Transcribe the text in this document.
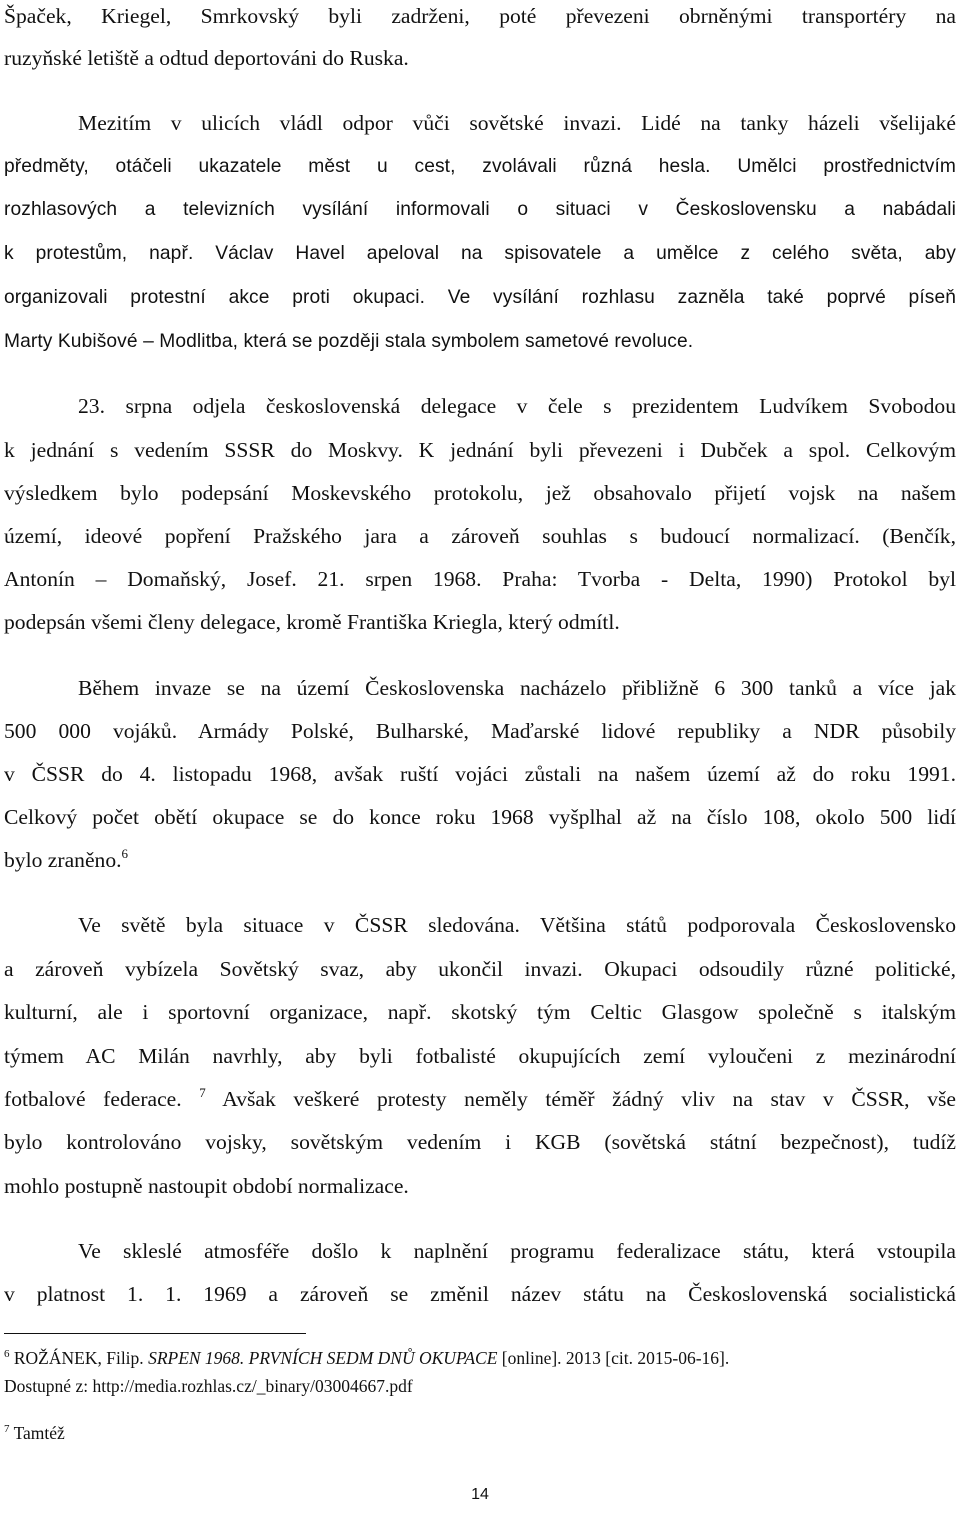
Špaček, Kriegel, Smrkovský byli zadrženi, poté převezeni obrněnými transportéry na
ruzyňské letiště a odtud deportováni do Ruska.
Mezitím v ulicích vládl odpor vůči sovětské invazi. Lidé na tanky házeli všelijaké
předměty, otáčeli ukazatele měst u cest, zvolávali různá hesla. Umělci prostřednictvím
rozhlasových a televizních vysílání informovali o situaci v Československu a nabádali
k protestům, např. Václav Havel apeloval na spisovatele a umělce z celého světa, aby
organizovali protestní akce proti okupaci. Ve vysílání rozhlasu zazněla také poprvé píseň
Marty Kubišové – Modlitba, která se později stala symbolem sametové revoluce.
23. srpna odjela československá delegace v čele s prezidentem Ludvíkem Svobodou
k jednání s vedením SSSR do Moskvy. K jednání byli převezeni i Dubček a spol. Celkovým
výsledkem bylo podepsání Moskevského protokolu, jež obsahovalo přijetí vojsk na našem
území, ideové popření Pražského jara a zároveň souhlas s budoucí normalizací. (Benčík,
Antonín – Domaňský, Josef. 21. srpen 1968. Praha: Tvorba - Delta, 1990) Protokol byl
podepsán všemi členy delegace, kromě Františka Kriegla, který odmítl.
Během invaze se na území Československa nacházelo přibližně 6 300 tanků a více jak
500 000 vojáků. Armády Polské, Bulharské, Maďarské lidové republiky a NDR působily
v ČSSR do 4. listopadu 1968, avšak ruští vojáci zůstali na našem území až do roku 1991.
Celkový počet obětí okupace se do konce roku 1968 vyšplhal až na číslo 108, okolo 500 lidí
bylo zraněno.$^6$
Ve světě byla situace v ČSSR sledována. Většina států podporovala Československo
a zároveň vybízela Sovětský svaz, aby ukončil invazi. Okupaci odsoudily různé politické,
kulturní, ale i sportovní organizace, např. skotský tým Celtic Glasgow společně s italským
týmem AC Milán navrhly, aby byli fotbalisté okupujících zemí vyloučeni z mezinárodní
fotbalové federace. $^7$ Avšak veškeré protesty neměly téměř žádný vliv na stav v ČSSR, vše
bylo kontrolováno vojsky, sovětským vedením i KGB (sovětská státní bezpečnost), tudíž
mohlo postupně nastoupit období normalizace.
Ve skleslé atmosféře došlo k naplnění programu federalizace státu, která vstoupila
v platnost 1. 1. 1969 a zároveň se změnil název státu na Československá socialistická
$^6$ ROŽÁNEK, Filip. SRPEN 1968. PRVNÍCH SEDM DNŮ OKUPACE [online]. 2013 [cit. 2015-06-16].
Dostupné z: http://media.rozhlas.cz/_binary/03004667.pdf
$^7$ Tamtéž
14
